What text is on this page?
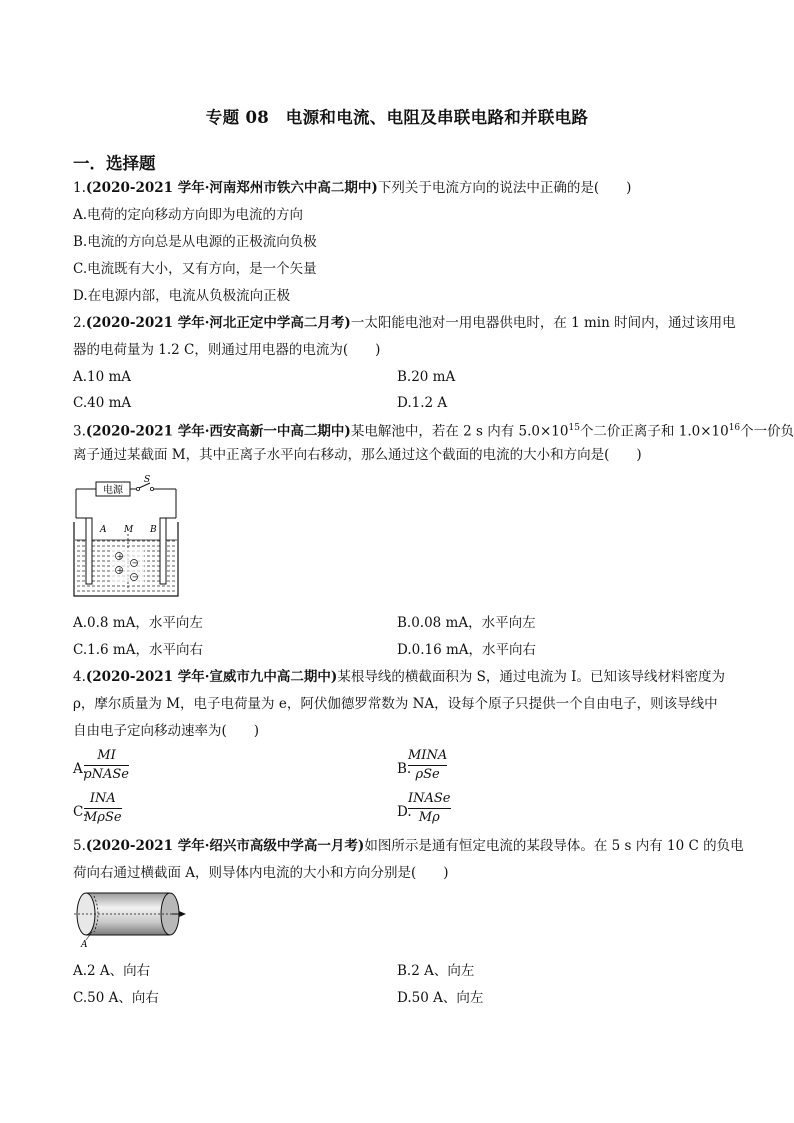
专题 08　电源和电流、电阻及串联电路和并联电路
一．选择题
1.(2020-2021 学年·河南郑州市铁六中高二期中)下列关于电流方向的说法中正确的是(　　)
A.电荷的定向移动方向即为电流的方向
B.电流的方向总是从电源的正极流向负极
C.电流既有大小，又有方向，是一个矢量
D.在电源内部，电流从负极流向正极
2.(2020-2021 学年·河北正定中学高二月考)一太阳能电池对一用电器供电时，在 1 min 时间内，通过该用电
器的电荷量为 1.2 C，则通过用电器的电流为(　　)
A.10 mA	B.20 mA
C.40 mA	D.1.2 A
3.(2020-2021 学年·西安高新一中高二期中)某电解池中，若在 2 s 内有 $5.0\times 10^{15}$个二价正离子和 $1.0\times 10^{16}$个一价负
离子通过某截面 M，其中正离子水平向右移动，那么通过这个截面的电流的大小和方向是(　　)
电源
S
A M B
+
−
+
−
A.0.8 mA，水平向左	B.0.08 mA，水平向左
C.1.6 mA，水平向右	D.0.16 mA，水平向右
4.(2020-2021 学年·宣威市九中高二期中)某根导线的横截面积为 S，通过电流为 I。已知该导线材料密度为
ρ，摩尔质量为 M，电子电荷量为 e，阿伏伽德罗常数为 NA，设每个原子只提供一个自由电子，则该导线中
自由电子定向移动速率为(　　)
A.
MI
ρNASe	B.
MINA
ρSe
C.
INA
MρSe	D.
INASe
Mρ
5.(2020-2021 学年·绍兴市高级中学高一月考)如图所示是通有恒定电流的某段导体。在 5 s 内有 10 C 的负电
荷向右通过横截面 A，则导体内电流的大小和方向分别是(　　)
A
A.2 A、向右	B.2 A、向左
C.50 A、向右	D.50 A、向左
